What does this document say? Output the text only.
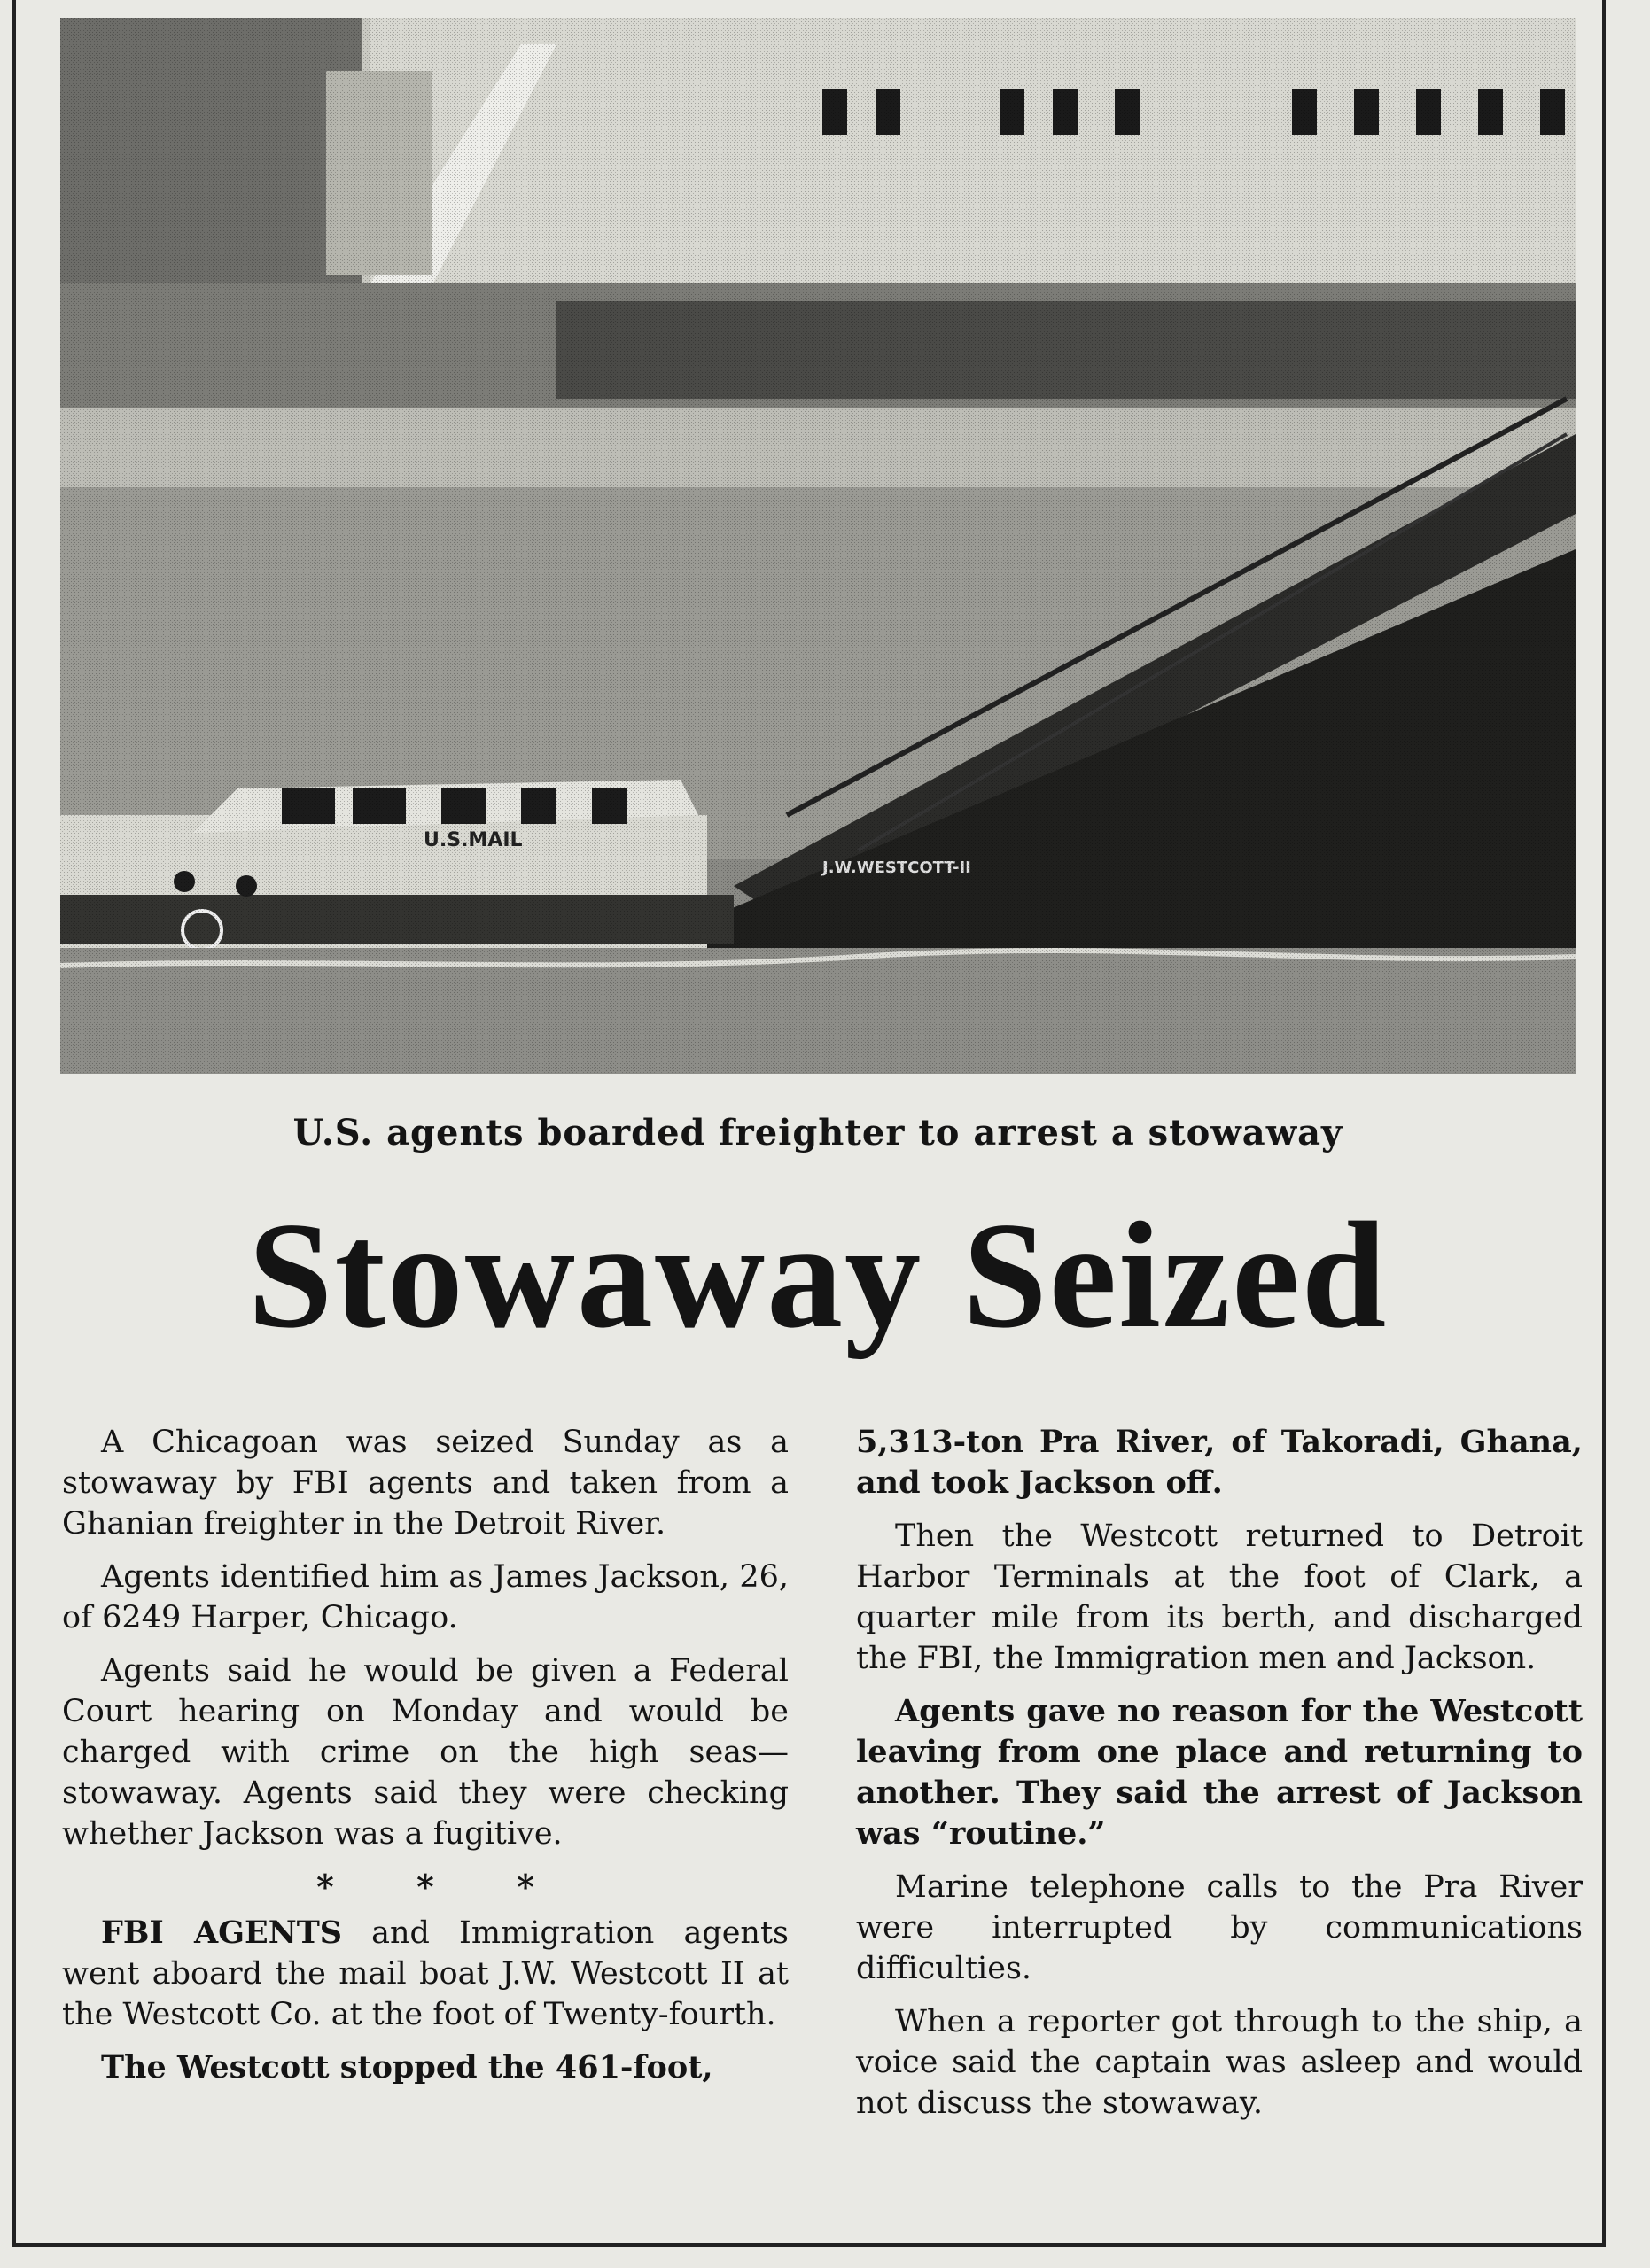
U.S. agents boarded freighter to arrest a stowaway
Stowaway Seized

A Chicagoan was seized Sunday as a stowaway by FBI agents and taken from a Ghanian freighter in the Detroit River.

Agents identified him as James Jackson, 26, of 6249 Harper, Chicago.

Agents said he would be given a Federal Court hearing on Monday and would be charged with crime on the high seas—stowaway. Agents said they were checking whether Jackson was a fugitive.

* * *

FBI AGENTS and Immigration agents went aboard the mail boat J.W. Westcott II at the Westcott Co. at the foot of Twenty-fourth.

The Westcott stopped the 461-foot,

5,313-ton Pra River, of Takoradi, Ghana, and took Jackson off.

Then the Westcott returned to Detroit Harbor Terminals at the foot of Clark, a quarter mile from its berth, and discharged the FBI, the Immigration men and Jackson.

Agents gave no reason for the Westcott leaving from one place and returning to another. They said the arrest of Jackson was “routine.”

Marine telephone calls to the Pra River were interrupted by communications difficulties.

When a reporter got through to the ship, a voice said the captain was asleep and would not discuss the stowaway.
